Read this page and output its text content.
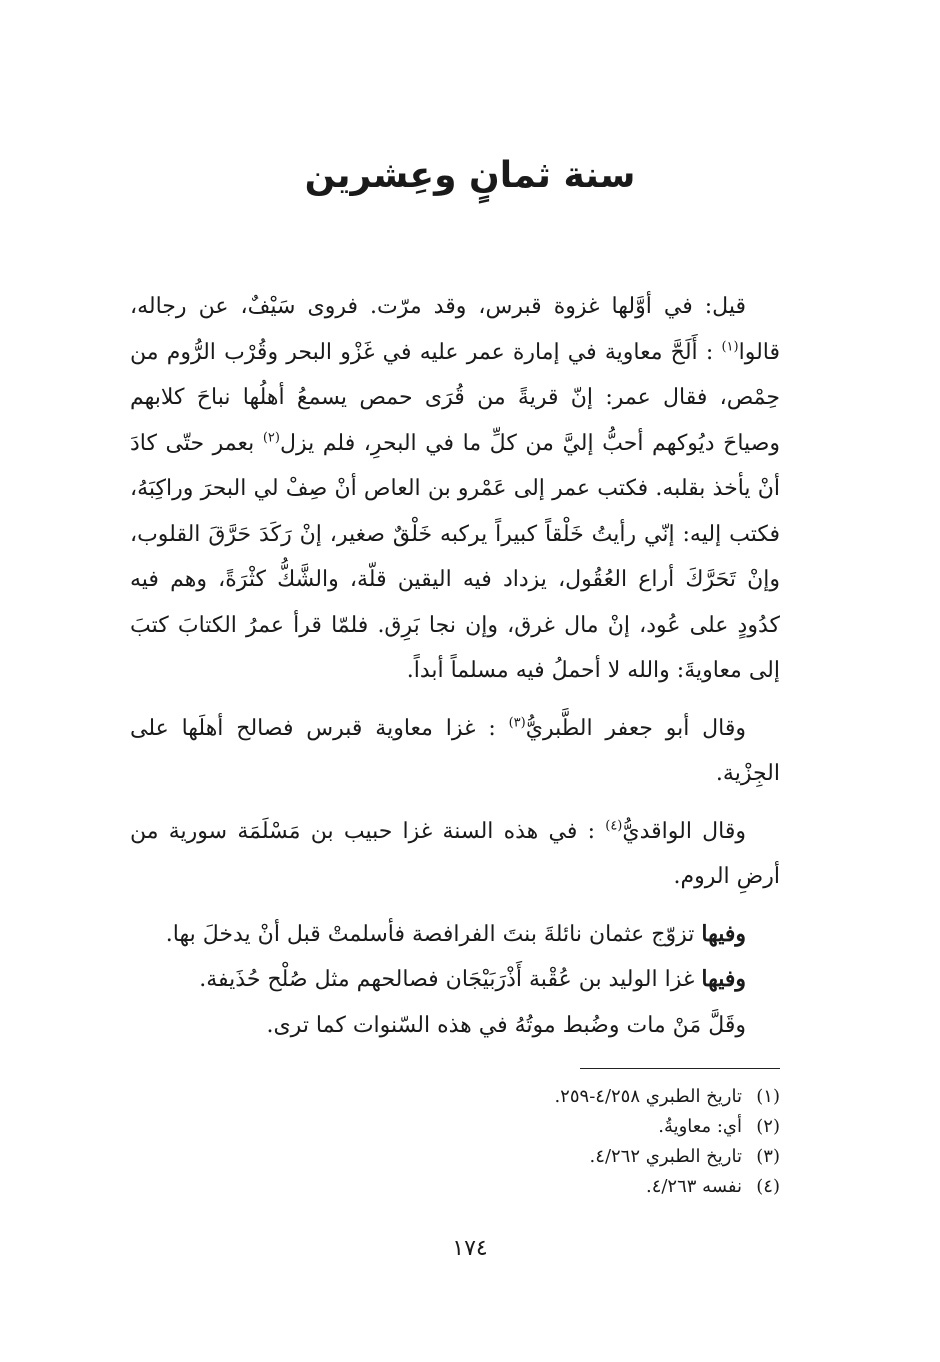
سنة ثمانٍ وعِشرين

قيل: في أوَّلها غزوة قبرس، وقد مرّت. فروى سَيْفٌ، عن رجاله، قالوا$^{(١)}$ : أَلَحَّ معاوية في إمارة عمر عليه في غَزْو البحر وقُرْب الرُّوم من حِمْص، فقال عمر: إنّ قريةً من قُرَى حمص يسمعُ أهلُها نباحَ كلابهم وصياحَ ديُوكهم أحبُّ إليَّ من كلِّ ما في البحرِ، فلم يزل$^{(٢)}$ بعمر حتّى كادَ أنْ يأخذ بقلبه. فكتب عمر إلى عَمْرو بن العاص أنْ صِفْ لي البحرَ وراكِبَهُ، فكتب إليه: إنّي رأيتُ خَلْقاً كبيراً يركبه خَلْقٌ صغير، إنْ رَكَدَ حَرَّقَ القلوب، وإنْ تَحَرَّكَ أراع العُقُول، يزداد فيه اليقين قلّة، والشَّكُّ كثْرَةً، وهم فيه كدُودٍ على عُود، إنْ مال غرق، وإن نجا بَرِق. فلمّا قرأ عمرُ الكتابَ كتبَ إلى معاويةَ: والله لا أحملُ فيه مسلماً أبداً.

وقال أبو جعفر الطَّبريُّ$^{(٣)}$ : غزا معاوية قبرس فصالح أهلَها على الجِزْية.

وقال الواقديُّ$^{(٤)}$ : في هذه السنة غزا حبيب بن مَسْلَمَة سورية من أرضِ الروم.

وفيها تزوّج عثمان نائلةَ بنتَ الفرافصة فأسلمتْ قبل أنْ يدخلَ بها.

وفيها غزا الوليد بن عُقْبة أَذْرَبَيْجَان فصالحهم مثل صُلْح حُذَيفة.

وقَلَّ مَنْ مات وضُبط موتُهُ في هذه السّنوات كما ترى.

(١)تاريخ الطبري ٤/٢٥٨-٢٥٩.
(٢)أي: معاويةُ.
(٣)تاريخ الطبري ٤/٢٦٢.
(٤)نفسه ٤/٢٦٣.
١٧٤
